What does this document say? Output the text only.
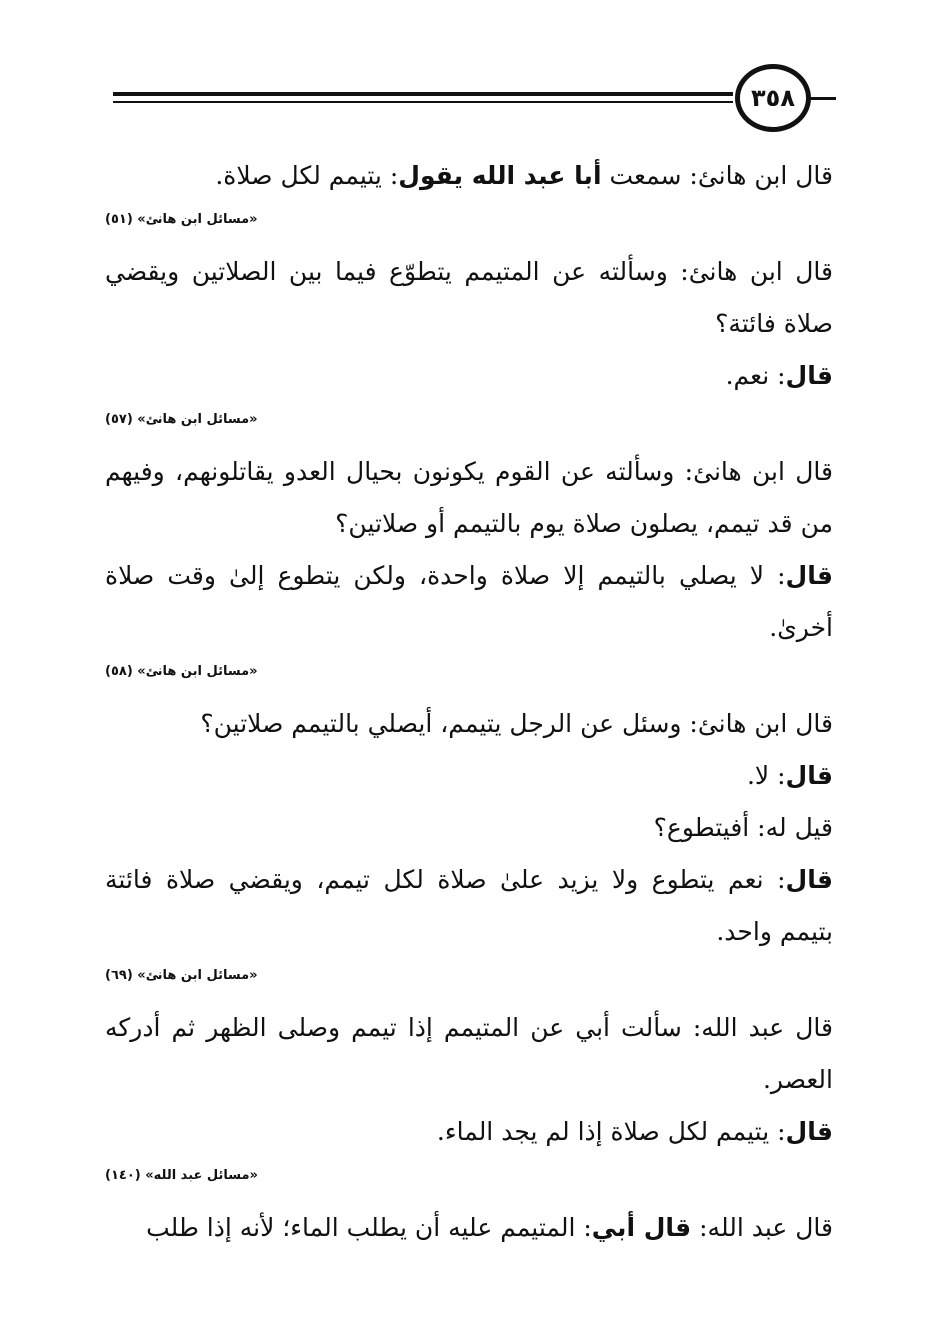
٣٥٨

قال ابن هانئ: سمعت أبا عبد الله يقول: يتيمم لكل صلاة.

«مسائل ابن هانئ» (٥١)

قال ابن هانئ: وسألته عن المتيمم يتطوّع فيما بين الصلاتين ويقضي صلاة فائتة؟

قال: نعم.

«مسائل ابن هانئ» (٥٧)

قال ابن هانئ: وسألته عن القوم يكونون بحيال العدو يقاتلونهم، وفيهم من قد تيمم، يصلون صلاة يوم بالتيمم أو صلاتين؟

قال: لا يصلي بالتيمم إلا صلاة واحدة، ولكن يتطوع إلىٰ وقت صلاة أخرىٰ.

«مسائل ابن هانئ» (٥٨)

قال ابن هانئ: وسئل عن الرجل يتيمم، أيصلي بالتيمم صلاتين؟

قال: لا.

قيل له: أفيتطوع؟

قال: نعم يتطوع ولا يزيد علىٰ صلاة لكل تيمم، ويقضي صلاة فائتة بتيمم واحد.

«مسائل ابن هانئ» (٦٩)

قال عبد الله: سألت أبي عن المتيمم إذا تيمم وصلى الظهر ثم أدركه العصر.

قال: يتيمم لكل صلاة إذا لم يجد الماء.

«مسائل عبد الله» (١٤٠)

قال عبد الله: قال أبي: المتيمم عليه أن يطلب الماء؛ لأنه إذا طلب
